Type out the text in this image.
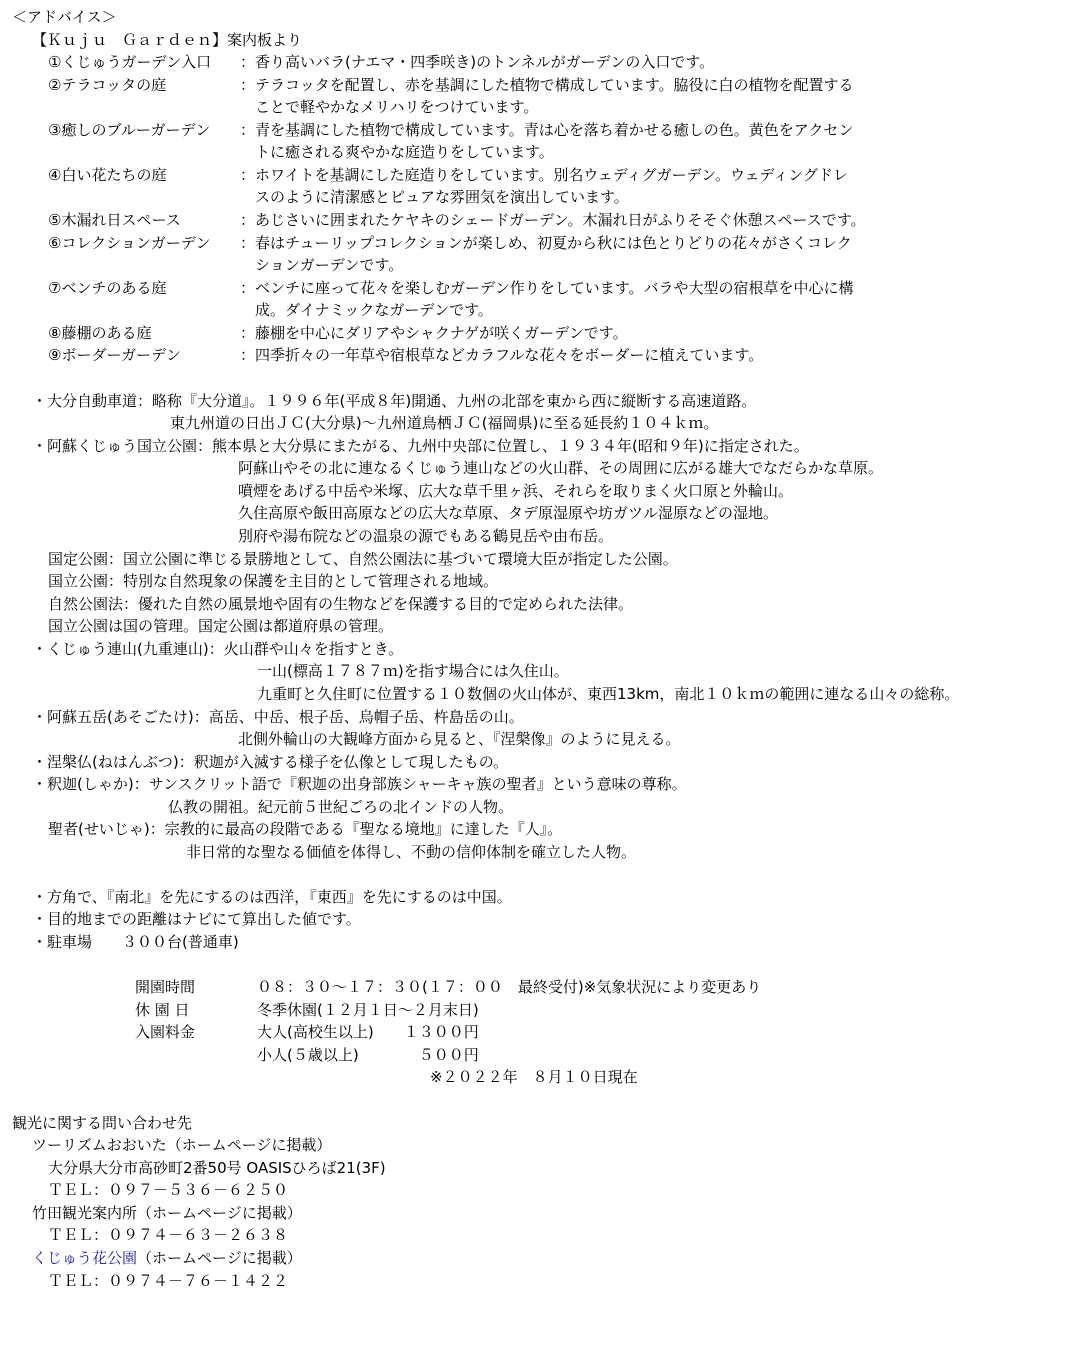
＜アドバイス＞
【Ｋｕｊｕ　Ｇａｒｄｅｎ】案内板より
①くじゅうガーデン入口 ：香り高いバラ(ナエマ・四季咲き)のトンネルがガーデンの入口です。
②テラコッタの庭	：テラコッタを配置し、赤を基調にした植物で構成しています。脇役に白の植物を配置する
ことで軽やかなメリハリをつけています。
③癒しのブルーガーデン ：青を基調にした植物で構成しています。青は心を落ち着かせる癒しの色。黄色をアクセン
トに癒される爽やかな庭造りをしています。
④白い花たちの庭	：ホワイトを基調にした庭造りをしています。別名ウェディグガーデン。ウェディングドレ
スのように清潔感とピュアな雰囲気を演出しています。
⑤木漏れ日スペース	：あじさいに囲まれたケヤキのシェードガーデン。木漏れ日がふりそそぐ休憩スペースです。
⑥コレクションガーデン ：春はチューリップコレクションが楽しめ、初夏から秋には色とりどりの花々がさくコレク
ションガーデンです。
⑦ベンチのある庭	：ベンチに座って花々を楽しむガーデン作りをしています。バラや大型の宿根草を中心に構
成。ダイナミックなガーデンです。
⑧藤棚のある庭	：藤棚を中心にダリアやシャクナゲが咲くガーデンです。
⑨ボーダーガーデン	：四季折々の一年草や宿根草などカラフルな花々をボーダーに植えています。
・大分自動車道：略称『大分道』。１９９６年(平成８年)開通、九州の北部を東から西に縦断する高速道路。
東九州道の日出ＪＣ(大分県)～九州道鳥栖ＪＣ(福岡県)に至る延長約１０４ｋｍ。
・阿蘇くじゅう国立公園：熊本県と大分県にまたがる、九州中央部に位置し、１９３４年(昭和９年)に指定された。
阿蘇山やその北に連なるくじゅう連山などの火山群、その周囲に広がる雄大でなだらかな草原。
噴煙をあげる中岳や米塚、広大な草千里ヶ浜、それらを取りまく火口原と外輪山。
久住高原や飯田高原などの広大な草原、タデ原湿原や坊ガツル湿原などの湿地。
別府や湯布院などの温泉の源でもある鶴見岳や由布岳。
国定公園：国立公園に準じる景勝地として、自然公園法に基づいて環境大臣が指定した公園。
国立公園：特別な自然現象の保護を主目的として管理される地域。
自然公園法：優れた自然の風景地や固有の生物などを保護する目的で定められた法律。
国立公園は国の管理。国定公園は都道府県の管理。
・くじゅう連山(九重連山)：火山群や山々を指すとき。
一山(標高１７８７ｍ)を指す場合には久住山。
九重町と久住町に位置する１０数個の火山体が、東西13km，南北１０ｋｍの範囲に連なる山々の総称。
・阿蘇五岳(あそごたけ)：高岳、中岳、根子岳、烏帽子岳、杵島岳の山。
北側外輪山の大観峰方面から見ると、『涅槃像』のように見える。
・涅槃仏(ねはんぶつ)：釈迦が入滅する様子を仏像として現したもの。
・釈迦(しゃか)：サンスクリット語で『釈迦の出身部族シャーキャ族の聖者』という意味の尊称。
仏教の開祖。紀元前５世紀ごろの北インドの人物。
聖者(せいじゃ)：宗教的に最高の段階である『聖なる境地』に達した『人』。
非日常的な聖なる価値を体得し、不動の信仰体制を確立した人物。
・方角で、『南北』を先にするのは西洋，『東西』を先にするのは中国。
・目的地までの距離はナビにて算出した値です。
・駐車場　　３００台(普通車)
開園時間	０８：３０～１７：３０(１７：００　最終受付)※気象状況により変更あり
休 園 日	冬季休園(１２月１日～２月末日)
入園料金	大人(高校生以上)　　１３００円
小人(５歳以上)　　　　５００円
※２０２２年　８月１０日現在
観光に関する問い合わせ先
ツーリズムおおいた（ホームページに掲載）
大分県大分市高砂町2番50号 OASISひろば21(3F)
ＴＥＬ：０９７－５３６－６２５０
竹田観光案内所（ホームページに掲載）
ＴＥＬ：０９７４－６３－２６３８
くじゅう花公園（ホームページに掲載）
ＴＥＬ：０９７４－７６－１４２２
